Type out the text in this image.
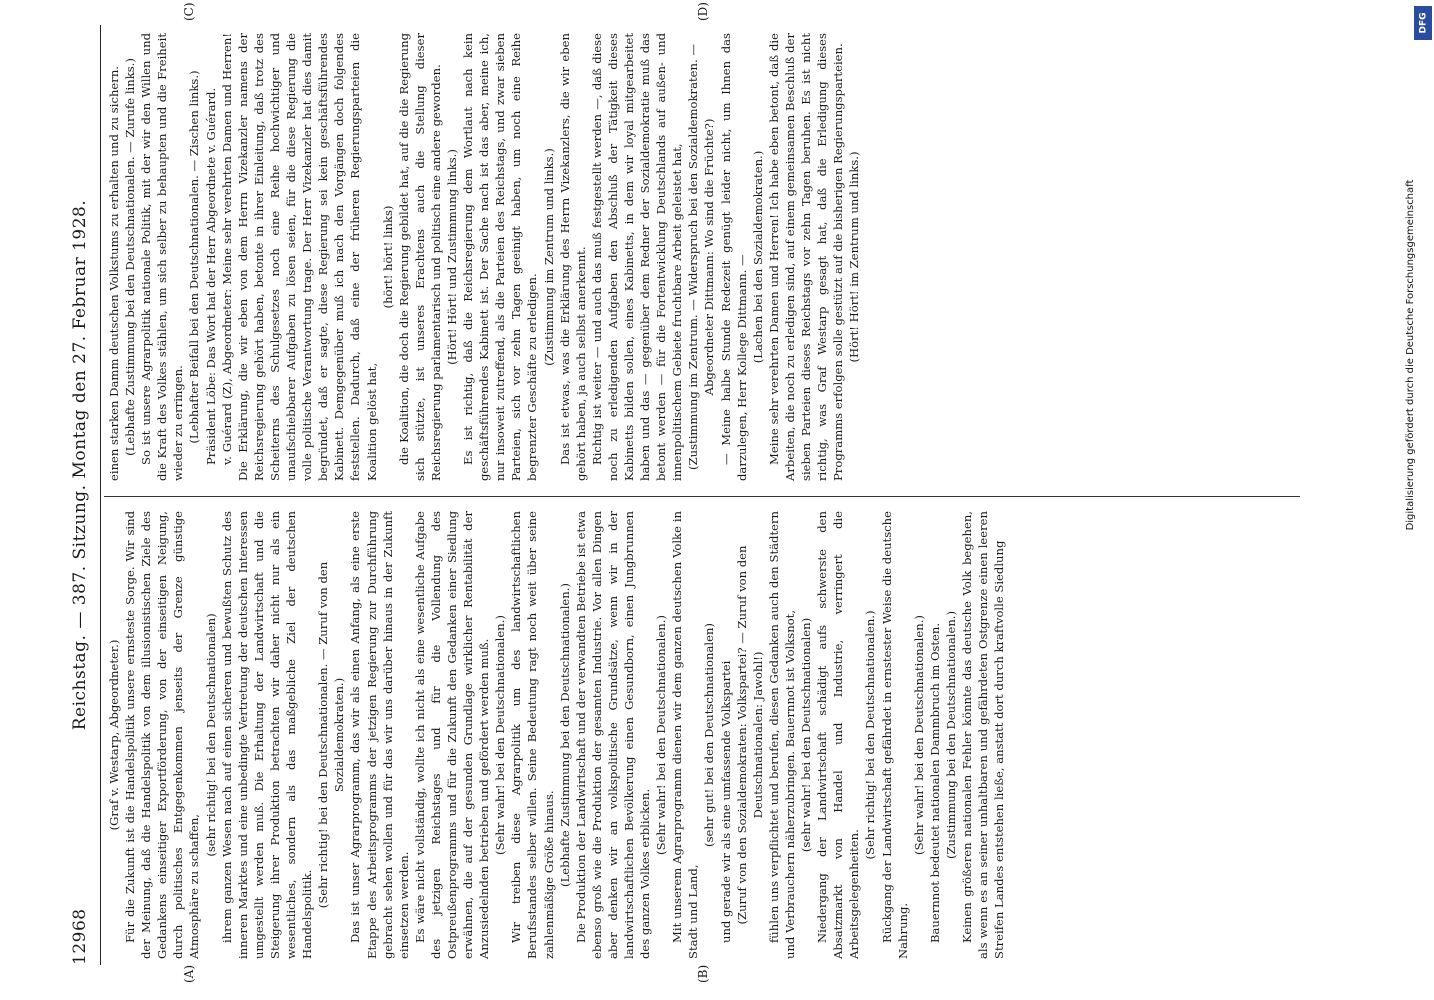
12968
Reichstag. — 387. Sitzung. Montag den 27. Februar 1928.

(Graf v. Westarp, Abgeordneter.) Für die Zukunft ist die Handelspolitik unsere ernsteste Sorge. Wir sind der Meinung, daß die Handelspolitik von dem illusionistischen Ziele des Gedankens einseitiger Exportförderung, von der einseitigen Neigung, durch politisches Entgegenkommen jenseits der Grenze günstige Atmosphäre zu schaffen,

(sehr richtig! bei den Deutschnationalen) ihrem ganzen Wesen nach auf einen sicheren und bewußten Schutz des inneren Marktes und eine unbedingte Vertretung der deutschen Interessen umgestellt werden muß. Die Erhaltung der Landwirtschaft und die Steigerung ihrer Produktion betrachten wir daher nicht nur als ein wesentliches, sondern als das maßgebliche Ziel der deutschen Handelspolitik.

(Sehr richtig! bei den Deutschnationalen. — Zuruf von den Sozialdemokraten.) Das ist unser Agrarprogramm, das wir als einen Anfang, als eine erste Etappe des Arbeitsprogramms der jetzigen Regierung zur Durchführung gebracht sehen wollen und für das wir uns darüber hinaus in der Zukunft einsetzen werden. Es wäre nicht vollständig, wollte ich nicht als eine wesentliche Aufgabe des jetzigen Reichstages und für die Vollendung des Ostpreußenprogramms und für die Zukunft den Gedanken einer Siedlung erwähnen, die auf der gesunden Grundlage wirklicher Rentabilität der Anzusiedelnden betrieben und gefördert werden muß. (Sehr wahr! bei den Deutschnationalen.) Wir treiben diese Agrarpolitik um des landwirtschaftlichen Berufsstandes selber willen. Seine Bedeutung ragt noch weit über seine zahlenmäßige Größe hinaus. (Lebhafte Zustimmung bei den Deutschnationalen.) Die Produktion der Landwirtschaft und der verwandten Betriebe ist etwa ebenso groß wie die Produktion der gesamten Industrie. Vor allen Dingen aber denken wir an volkspolitische Grundsätze, wenn wir in der landwirtschaftlichen Bevölkerung einen Gesundborn, einen Jungbrunnen des ganzen Volkes erblicken.

(Sehr wahr! bei den Deutschnationalen.) Mit unserem Agrarprogramm dienen wir dem ganzen deutschen Volke in Stadt und Land,

(sehr gut! bei den Deutschnationalen) und gerade wir als eine umfassende Volkspartei (Zuruf von den Sozialdemokraten: Volkspartei? — Zuruf von den Deutschnationalen: Jawohl!) fühlen uns verpflichtet und berufen, diesen Gedanken auch den Städtern und Verbrauchern näherzubringen. Bauernnot ist Volksnot, (sehr wahr! bei den Deutschnationalen) Niedergang der Landwirtschaft schädigt aufs schwerste den Absatzmarkt von Handel und Industrie, verringert die Arbeitsgelegenheiten.

(Sehr richtig! bei den Deutschnationalen.) Rückgang der Landwirtschaft gefährdet in ernstester Weise die deutsche Nahrung.

(Sehr wahr! bei den Deutschnationalen.) Bauernnot bedeutet nationalen Dammbruch im Osten. (Zustimmung bei den Deutschnationalen.) Keinen größeren nationalen Fehler könnte das deutsche Volk begehen, als wenn es an seiner unhaltbaren und gefährdeten Ostgrenze einen leeren Streifen Landes entstehen ließe, anstatt dort durch kraftvolle Siedlung

einen starken Damm deutschen Volkstums zu erhalten und zu sichern. (Lebhafte Zustimmung bei den Deutschnationalen. — Zurufe links.) So ist unsere Agrarpolitik nationale Politik, mit der wir den Willen und die Kraft des Volkes stählen, um sich selber zu behaupten und die Freiheit wieder zu erringen. (Lebhafter Beifall bei den Deutschnationalen. — Zischen links.) Präsident Löbe: Das Wort hat der Herr Abgeordnete v. Guérard. v. Guérard (Z), Abgeordneter: Meine sehr verehrten Damen und Herren! Die Erklärung, die wir eben von dem Herrn Vizekanzler namens der Reichsregierung gehört haben, betonte in ihrer Einleitung, daß trotz des Scheiterns des Schulgesetzes noch eine Reihe hochwichtiger und unaufschiebbarer Aufgaben zu lösen seien, für die diese Regierung die volle politische Verantwortung trage. Der Herr Vizekanzler hat dies damit begründet, daß er sagte, diese Regierung sei kein geschäftsführendes Kabinett. Demgegenüber muß ich nach den Vorgängen doch folgendes feststellen. Dadurch, daß eine der früheren Regierungsparteien die Koalition gelöst hat,

(hört! hört! links) die Koalition, die doch die Regierung gebildet hat, auf die die Regierung sich stützte, ist unseres Erachtens auch die Stellung dieser Reichsregierung parlamentarisch und politisch eine andere geworden. (Hört! Hört! und Zustimmung links.) Es ist richtig, daß die Reichsregierung dem Wortlaut nach kein geschäftsführendes Kabinett ist. Der Sache nach ist das aber, meine ich, nur insoweit zutreffend, als die Parteien des Reichstags, und zwar sieben Parteien, sich vor zehn Tagen geeinigt haben, um noch eine Reihe begrenzter Geschäfte zu erledigen.

(Zustimmung im Zentrum und links.) Das ist etwas, was die Erklärung des Herrn Vizekanzlers, die wir eben gehört haben, ja auch selbst anerkennt. Richtig ist weiter — und auch das muß festgestellt werden —, daß diese noch zu erledigenden Aufgaben den Abschluß der Tätigkeit dieses Kabinetts bilden sollen, eines Kabinetts, in dem wir loyal mitgearbeitet haben und das — gegenüber dem Redner der Sozialdemokratie muß das betont werden — für die Fortentwicklung Deutschlands auf außen- und innenpolitischem Gebiete fruchtbare Arbeit geleistet hat, (Zustimmung im Zentrum. — Widerspruch bei den Sozialdemokraten. — Abgeordneter Dittmann: Wo sind die Früchte?) — Meine halbe Stunde Redezeit genügt leider nicht, um Ihnen das darzulegen, Herr Kollege Dittmann. — (Lachen bei den Sozialdemokraten.) Meine sehr verehrten Damen und Herren! Ich habe eben betont, daß die Arbeiten, die noch zu erledigen sind, auf einem gemeinsamen Beschluß der sieben Parteien dieses Reichstags vor zehn Tagen beruhen. Es ist nicht richtig, was Graf Westarp gesagt hat, daß die Erledigung dieses Programms erfolgen solle gestützt auf die bisherigen Regierungsparteien. (Hört! Hört! im Zentrum und links.)

(A)	(B)
(C)	(D)
DFG
Digitalisierung gefördert durch die Deutsche Forschungsgemeinschaft
